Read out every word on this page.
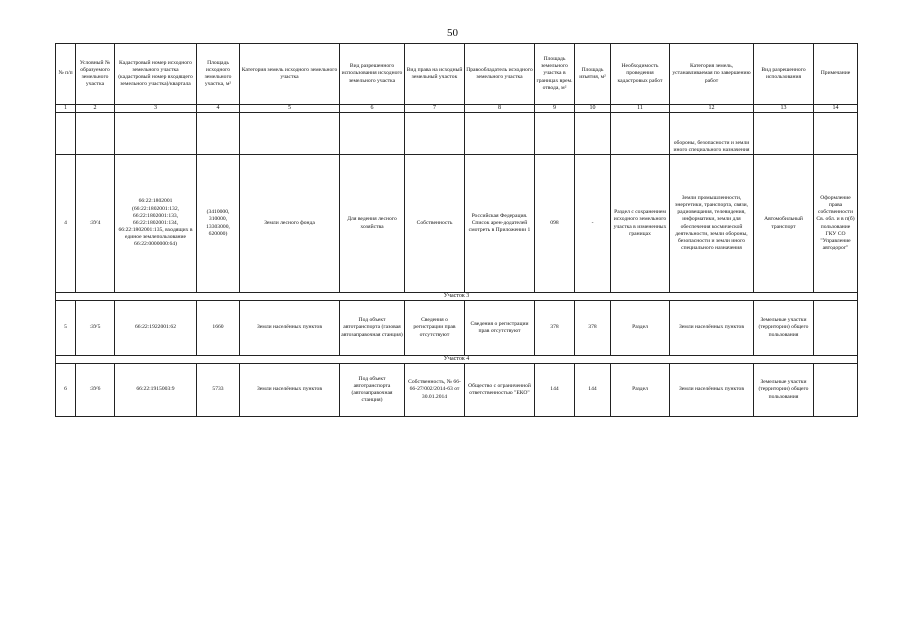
50
№ п/п	Условный № образуемого земельного участка	Кадастровый номер исходного земельного участка (кадастровый номер входящего земельного участка)/квартала	Площадь исходного земельного участка, м²	Категория земель исходного земельного участка	Вид разрешенного использования исходного земельного участка	Вид права на исходный земельный участок	Правообладатель исходного земельного участка	Площадь земельного участка в границах врем. отвода, м²	Площадь изъятия, м²	Необходимость проведения кадастровых работ	Категория земель, устанавливаемая по завершению работ	Вид разрешенного использования	Примечание
1	2	3	4	5	6	7	8	9	10	11	12	13	14
											обороны, безопасности и земли иного специального назначения		
4	:ЗУ4	66:22:1802001 (66:22:1802001:132, 66:22:1802001:133, 66:22:1802001:134, 66:22:1802001:135, входящих в единое землепользование 66:22:0000000:64)	(3410000, 310000, 13303000, 620000)	Земли лесного фонда	Для ведения лесного хозяйства	Собственность	Российская Федерация. Список арен-додателей смотреть в Приложении 1	098	-	Раздел с сохранением исходного земельного участка в измененных границах	Земли промышленности, энергетики, транспорта, связи, радиовещания, телевидения, информатики, земли для обеспечения космической деятельности, земли обороны, безопасности и земли иного специального назначения	Автомобильный транспорт	Оформление права собственности Св. обл. и в п(б) пользование ГКУ СО "Управление автодорог"
Участок 3													
5	:ЗУ5	66:22:1922001:62	1660	Земли населённых пунктов	Под объект автотранспорта (газовая автозаправочная станция)	Сведения о регистрации прав отсутствуют	Сведения о регистрации прав отсутствуют	378	378	Раздел	Земли населённых пунктов	Земельные участки (территории) общего пользования	
Участок 4													
6	:ЗУ6	66:22:1915003:9	5733	Земли населённых пунктов	Под объект автотранспорта (автозаправочная станция)	Собственность, № 66-66-27/002/2014-63 от 30.01.2014	Общество с ограниченной ответственностью "ЕКО"	144	144	Раздел	Земли населённых пунктов	Земельные участки (территории) общего пользования	
